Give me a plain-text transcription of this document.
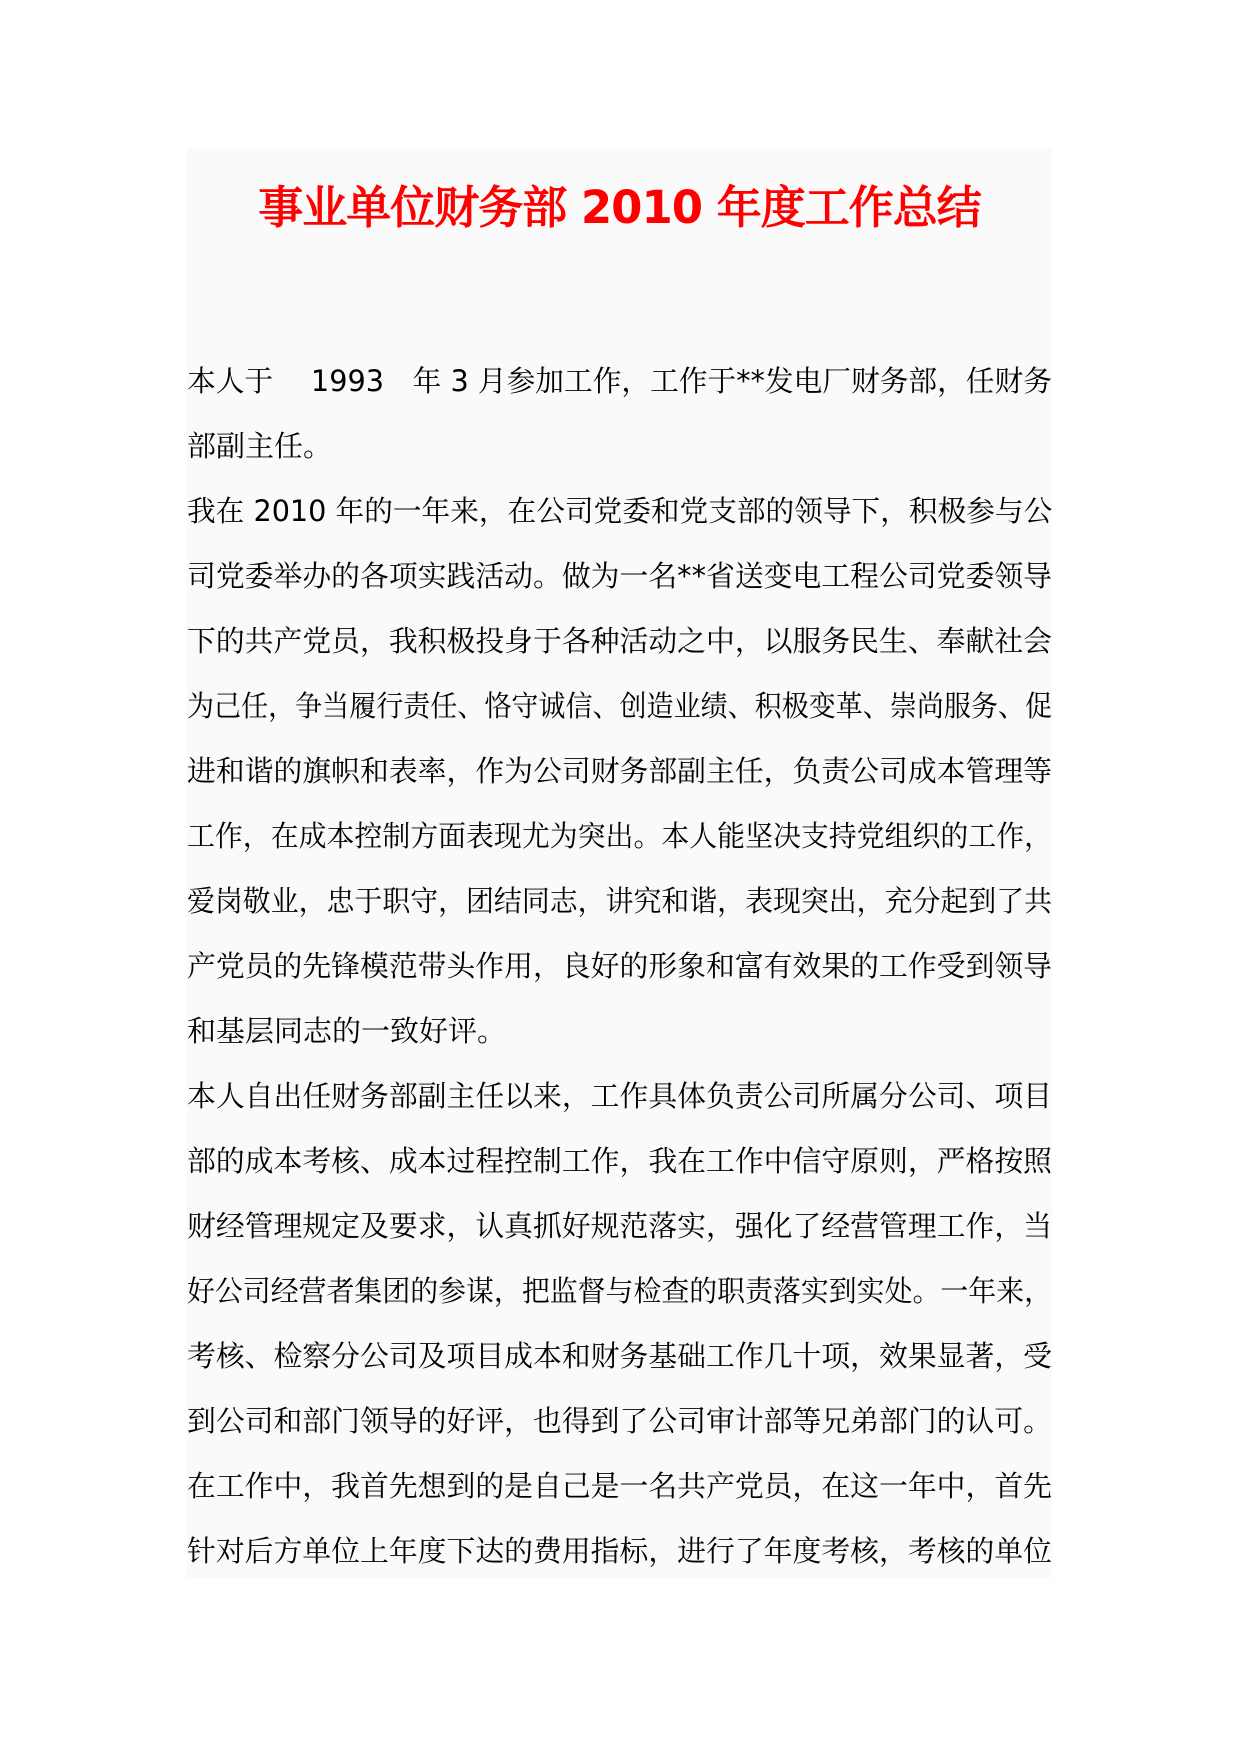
事业单位财务部 2010 年度工作总结
本人于　 1993　年 3 月参加工作，工作于**发电厂财务部，任财务
部副主任。
我在 2010 年的一年来，在公司党委和党支部的领导下，积极参与公
司党委举办的各项实践活动。做为一名**省送变电工程公司党委领导
下的共产党员，我积极投身于各种活动之中，以服务民生、奉献社会
为己任，争当履行责任、恪守诚信、创造业绩、积极变革、崇尚服务、促
进和谐的旗帜和表率，作为公司财务部副主任，负责公司成本管理等
工作，在成本控制方面表现尤为突出。本人能坚决支持党组织的工作，
爱岗敬业，忠于职守，团结同志，讲究和谐，表现突出，充分起到了共
产党员的先锋模范带头作用，良好的形象和富有效果的工作受到领导
和基层同志的一致好评。
本人自出任财务部副主任以来，工作具体负责公司所属分公司、项目
部的成本考核、成本过程控制工作，我在工作中信守原则，严格按照
财经管理规定及要求，认真抓好规范落实，强化了经营管理工作，当
好公司经营者集团的参谋，把监督与检查的职责落实到实处。一年来，
考核、检察分公司及项目成本和财务基础工作几十项，效果显著，受
到公司和部门领导的好评，也得到了公司审计部等兄弟部门的认可。
在工作中，我首先想到的是自己是一名共产党员，在这一年中，首先
针对后方单位上年度下达的费用指标，进行了年度考核，考核的单位
